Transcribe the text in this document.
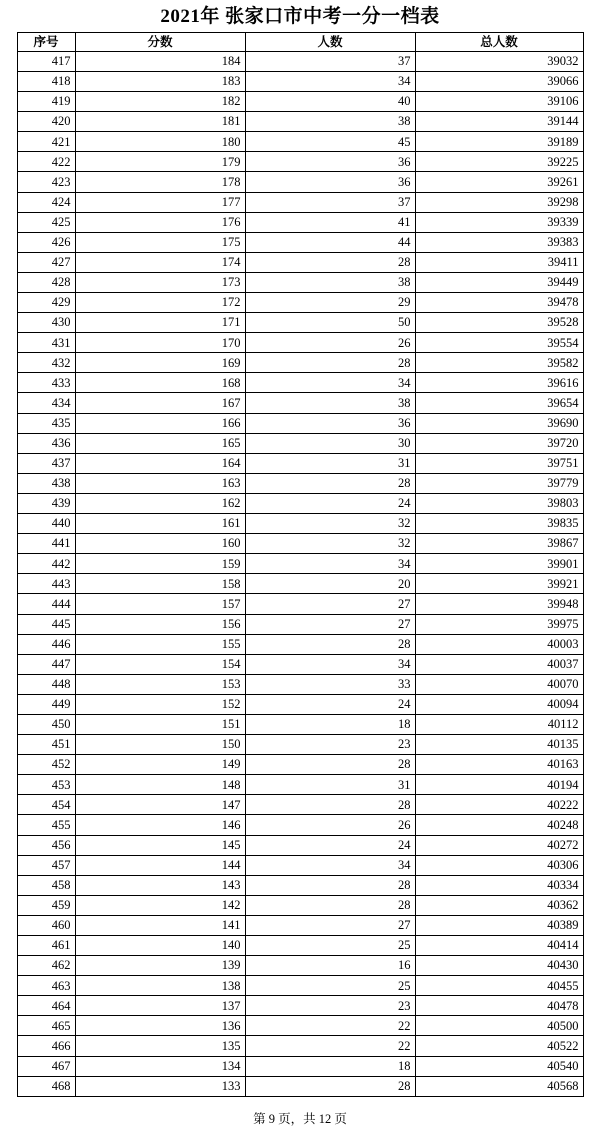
2021年 张家口市中考一分一档表
序号	分数	人数	总人数
417	184	37	39032
418	183	34	39066
419	182	40	39106
420	181	38	39144
421	180	45	39189
422	179	36	39225
423	178	36	39261
424	177	37	39298
425	176	41	39339
426	175	44	39383
427	174	28	39411
428	173	38	39449
429	172	29	39478
430	171	50	39528
431	170	26	39554
432	169	28	39582
433	168	34	39616
434	167	38	39654
435	166	36	39690
436	165	30	39720
437	164	31	39751
438	163	28	39779
439	162	24	39803
440	161	32	39835
441	160	32	39867
442	159	34	39901
443	158	20	39921
444	157	27	39948
445	156	27	39975
446	155	28	40003
447	154	34	40037
448	153	33	40070
449	152	24	40094
450	151	18	40112
451	150	23	40135
452	149	28	40163
453	148	31	40194
454	147	28	40222
455	146	26	40248
456	145	24	40272
457	144	34	40306
458	143	28	40334
459	142	28	40362
460	141	27	40389
461	140	25	40414
462	139	16	40430
463	138	25	40455
464	137	23	40478
465	136	22	40500
466	135	22	40522
467	134	18	40540
468	133	28	40568
第 9 页，共 12 页
